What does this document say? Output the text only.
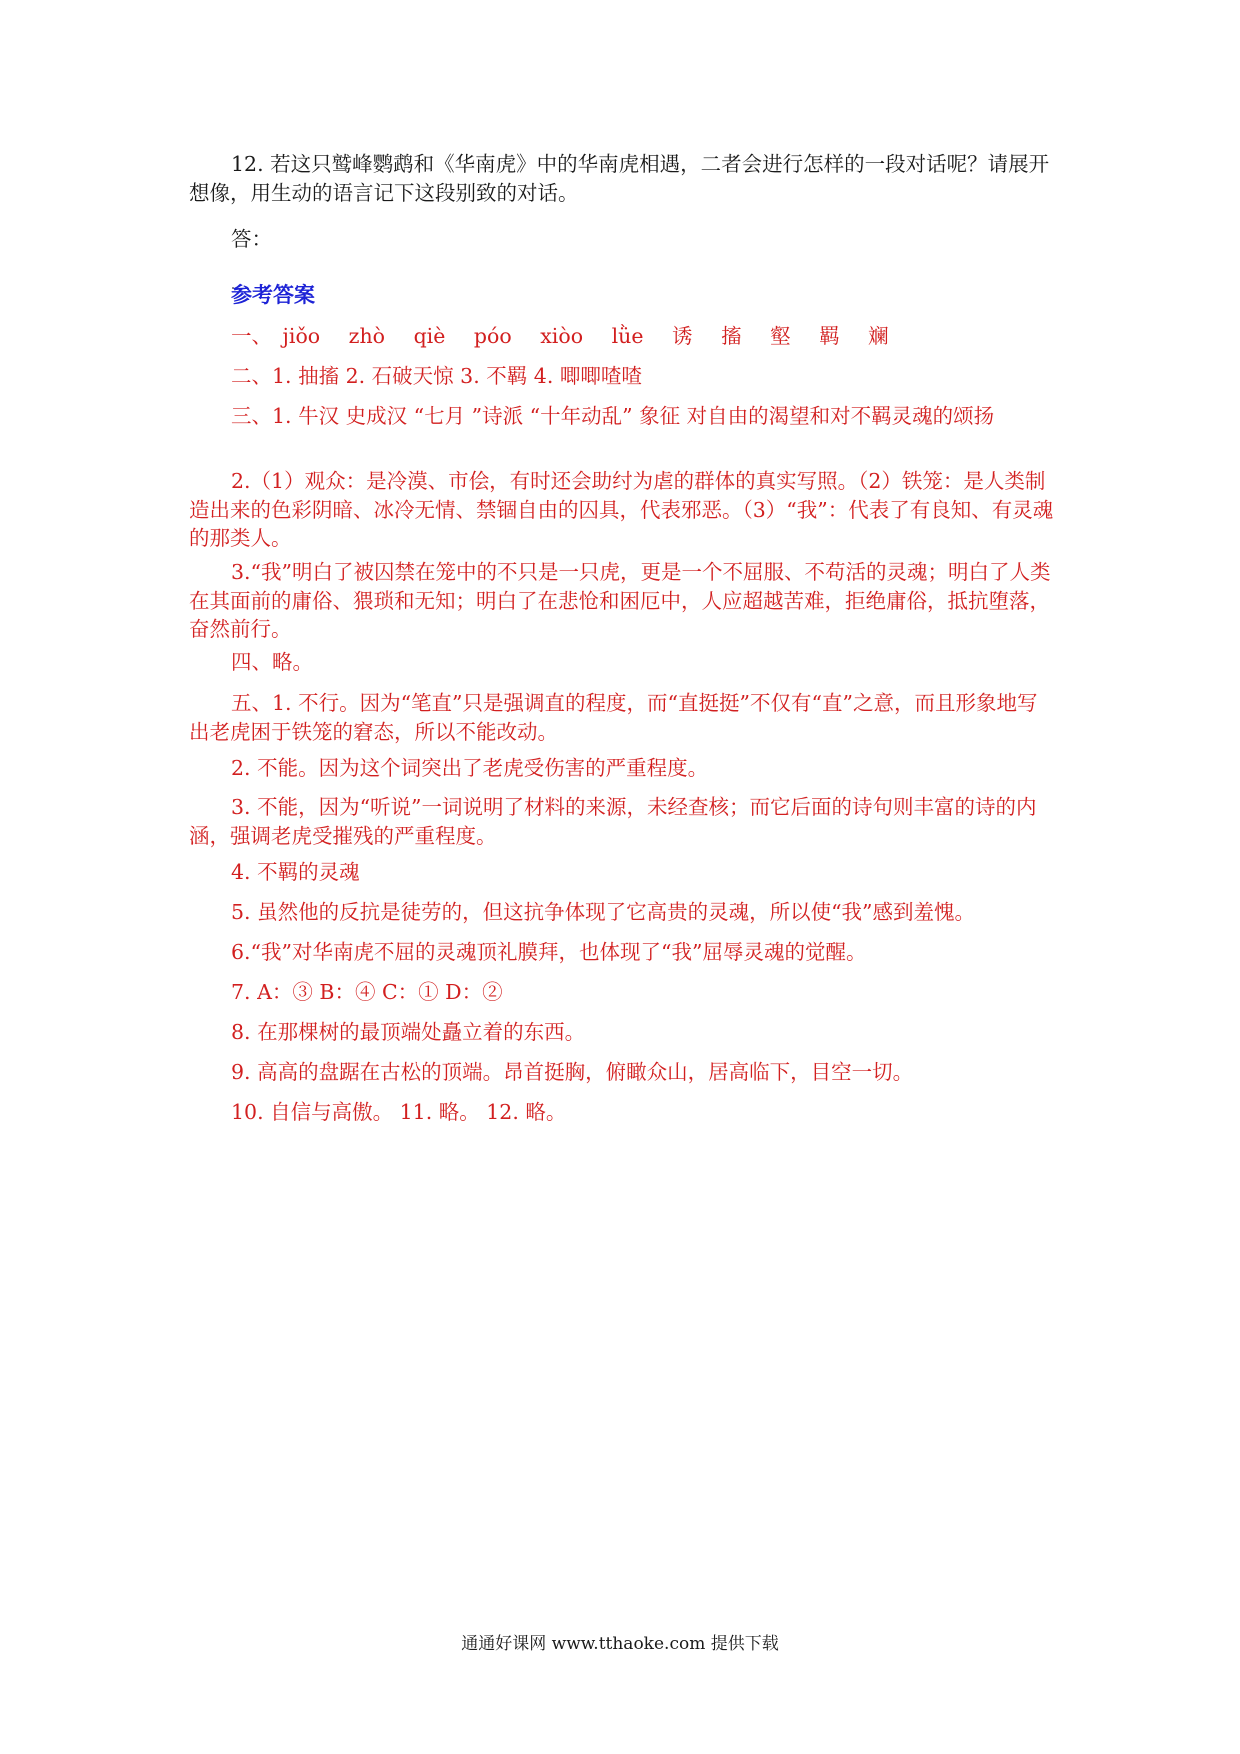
12. 若这只鹫峰鹦鹉和《华南虎》中的华南虎相遇，二者会进行怎样的一段对话呢？请展开想像，用生动的语言记下这段别致的对话。
答：
参考答案
一、 jiǒo zhò qiè póo xiòo lǜe 诱 搐 壑 羁 斓
二、1. 抽搐 2. 石破天惊 3. 不羁 4. 唧唧喳喳
三、1. 牛汉 史成汉 “七月 ”诗派 “十年动乱” 象征 对自由的渴望和对不羁灵魂的颂扬
2.（1）观众：是冷漠、市侩，有时还会助纣为虐的群体的真实写照。（2）铁笼：是人类制造出来的色彩阴暗、冰冷无情、禁锢自由的囚具，代表邪恶。（3）“我”：代表了有良知、有灵魂的那类人。
3.“我”明白了被囚禁在笼中的不只是一只虎，更是一个不屈服、不苟活的灵魂；明白了人类在其面前的庸俗、猥琐和无知；明白了在悲怆和困厄中，人应超越苦难，拒绝庸俗，抵抗堕落，奋然前行。
四、略。
五、1. 不行。因为“笔直”只是强调直的程度，而“直挺挺”不仅有“直”之意，而且形象地写出老虎困于铁笼的窘态，所以不能改动。
2. 不能。因为这个词突出了老虎受伤害的严重程度。
3. 不能，因为“听说”一词说明了材料的来源，未经查核；而它后面的诗句则丰富的诗的内涵，强调老虎受摧残的严重程度。
4. 不羁的灵魂
5. 虽然他的反抗是徒劳的，但这抗争体现了它高贵的灵魂，所以使“我”感到羞愧。
6.“我”对华南虎不屈的灵魂顶礼膜拜，也体现了“我”屈辱灵魂的觉醒。
7. A：③ B：④ C：① D：②
8. 在那棵树的最顶端处矗立着的东西。
9. 高高的盘踞在古松的顶端。昂首挺胸，俯瞰众山，居高临下，目空一切。
10. 自信与高傲。 11. 略。 12. 略。
通通好课网 www.tthaoke.com 提供下载
